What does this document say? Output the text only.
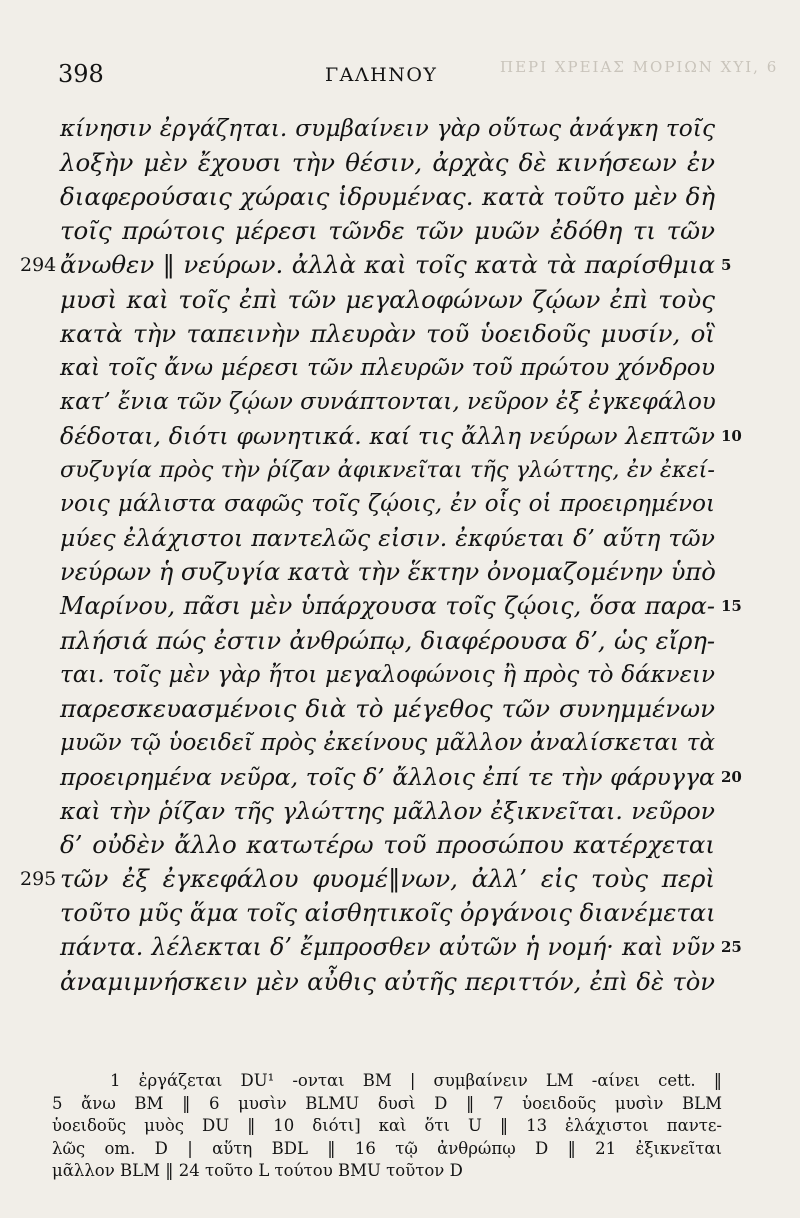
ΠΕΡΙ ΧΡΕΙΑΣ ΜΟΡΙΩΝ ΧΥΙ, 6
398	ΓΑΛΗΝΟΥ
κίνησιν ἐργάζηται. συμβαίνειν γὰρ οὕτως ἀνάγκη τοῖς
λοξὴν μὲν ἔχουσι τὴν θέσιν, ἀρχὰς δὲ κινήσεων ἐν
διαφερούσαις χώραις ἱδρυμένας. κατὰ τοῦτο μὲν δὴ
τοῖς πρώτοις μέρεσι τῶνδε τῶν μυῶν ἐδόθη τι τῶν
ἄνωθεν ‖ νεύρων. ἀλλὰ καὶ τοῖς κατὰ τὰ παρίσθμια 5
294
μυσὶ καὶ τοῖς ἐπὶ τῶν μεγαλοφώνων ζῴων ἐπὶ τοὺς
κατὰ τὴν ταπεινὴν πλευρὰν τοῦ ὑοειδοῦς μυσίν, οἳ
καὶ τοῖς ἄνω μέρεσι τῶν πλευρῶν τοῦ πρώτου χόνδρου
κατ’ ἔνια τῶν ζῴων συνάπτονται, νεῦρον ἐξ ἐγκεφάλου
δέδοται, διότι φωνητικά. καί τις ἄλλη νεύρων λεπτῶν 10
συζυγία πρὸς τὴν ῥίζαν ἀφικνεῖται τῆς γλώττης, ἐν ἐκεί-
νοις μάλιστα σαφῶς τοῖς ζῴοις, ἐν οἷς οἱ προειρημένοι
μύες ἐλάχιστοι παντελῶς εἰσιν. ἐκφύεται δ’ αὕτη τῶν
νεύρων ἡ συζυγία κατὰ τὴν ἕκτην ὀνομαζομένην ὑπὸ
Μαρίνου, πᾶσι μὲν ὑπάρχουσα τοῖς ζῴοις, ὅσα παρα- 15
πλήσιά πώς ἐστιν ἀνθρώπῳ, διαφέρουσα δ’, ὡς εἴρη-
ται. τοῖς μὲν γὰρ ἤτοι μεγαλοφώνοις ἢ πρὸς τὸ δάκνειν
παρεσκευασμένοις διὰ τὸ μέγεθος τῶν συνημμένων
μυῶν τῷ ὑοειδεῖ πρὸς ἐκείνους μᾶλλον ἀναλίσκεται τὰ
προειρημένα νεῦρα, τοῖς δ’ ἄλλοις ἐπί τε τὴν φάρυγγα 20
καὶ τὴν ῥίζαν τῆς γλώττης μᾶλλον ἐξικνεῖται. νεῦρον
δ’ οὐδὲν ἄλλο κατωτέρω τοῦ προσώπου κατέρχεται
τῶν ἐξ ἐγκεφάλου φυομέ‖νων, ἀλλ’ εἰς τοὺς περὶ
295
τοῦτο μῦς ἅμα τοῖς αἰσθητικοῖς ὀργάνοις διανέμεται
πάντα. λέλεκται δ’ ἔμπροσθεν αὐτῶν ἡ νομή· καὶ νῦν 25
ἀναμιμνήσκειν μὲν αὖθις αὐτῆς περιττόν, ἐπὶ δὲ τὸν
1 ἐργάζεται DU¹ -ονται BM | συμβαίνειν LM -αίνει cett. ‖
5 ἄνω BM ‖ 6 μυσὶν BLMU δυσὶ D ‖ 7 ὑοειδοῦς μυσὶν BLM
ὑοειδοῦς μυὸς DU ‖ 10 διότι] καὶ ὅτι U ‖ 13 ἐλάχιστοι παντε-
λῶς om. D | αὕτη BDL ‖ 16 τῷ ἀνθρώπῳ D ‖ 21 ἐξικνεῖται
μᾶλλον BLM ‖ 24 τοῦτο L τούτου BMU τοῦτον D
